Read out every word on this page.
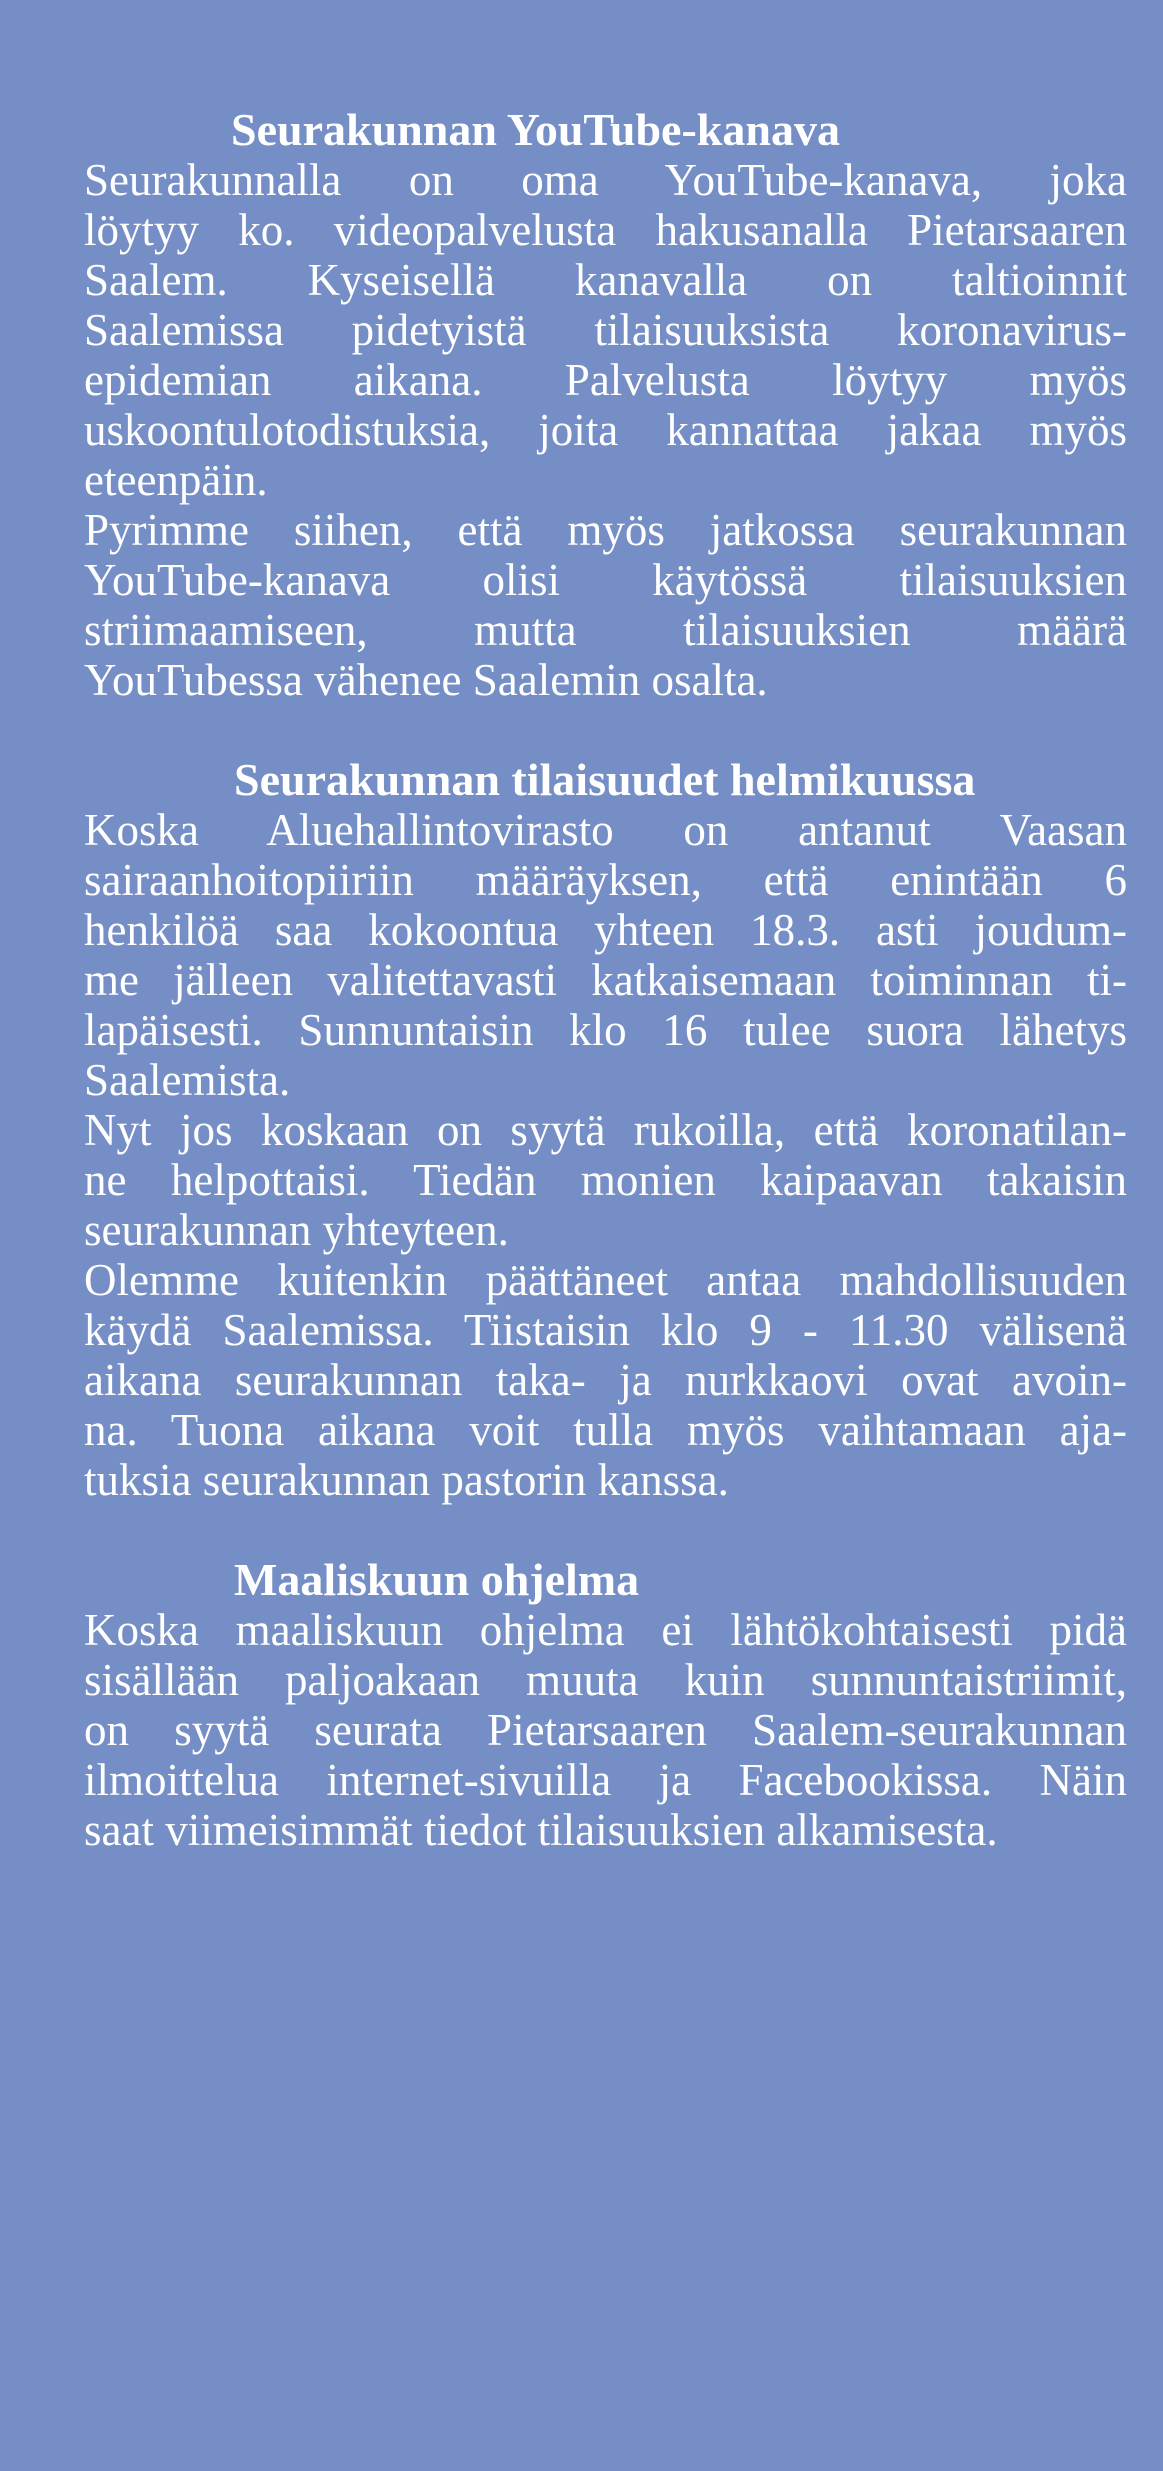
Seurakunnan YouTube-kanava

Seurakunnalla on oma YouTube-kanava, joka
löytyy ko. videopalvelusta hakusanalla Pietarsaaren
Saalem. Kyseisellä kanavalla on taltioinnit
Saalemissa pidetyistä tilaisuuksista koronavirus-
epidemian aikana. Palvelusta löytyy myös
uskoontulotodistuksia, joita kannattaa jakaa myös
eteenpäin.

Pyrimme siihen, että myös jatkossa seurakunnan
YouTube-kanava olisi käytössä tilaisuuksien
striimaamiseen, mutta tilaisuuksien määrä
YouTubessa vähenee Saalemin osalta.

Seurakunnan tilaisuudet helmikuussa

Koska Aluehallintovirasto on antanut Vaasan
sairaanhoitopiiriin määräyksen, että enintään 6
henkilöä saa kokoontua yhteen 18.3. asti joudum-
me jälleen valitettavasti katkaisemaan toiminnan ti-
lapäisesti. Sunnuntaisin klo 16 tulee suora lähetys
Saalemista.

Nyt jos koskaan on syytä rukoilla, että koronatilan-
ne helpottaisi. Tiedän monien kaipaavan takaisin
seurakunnan yhteyteen.

Olemme kuitenkin päättäneet antaa mahdollisuuden
käydä Saalemissa. Tiistaisin klo 9 - 11.30 välisenä
aikana seurakunnan taka- ja nurkkaovi ovat avoin-
na. Tuona aikana voit tulla myös vaihtamaan aja-
tuksia seurakunnan pastorin kanssa.

Maaliskuun ohjelma

Koska maaliskuun ohjelma ei lähtökohtaisesti pidä
sisällään paljoakaan muuta kuin sunnuntaistriimit,
on syytä seurata Pietarsaaren Saalem-seurakunnan
ilmoittelua internet-sivuilla ja Facebookissa. Näin
saat viimeisimmät tiedot tilaisuuksien alkamisesta.
